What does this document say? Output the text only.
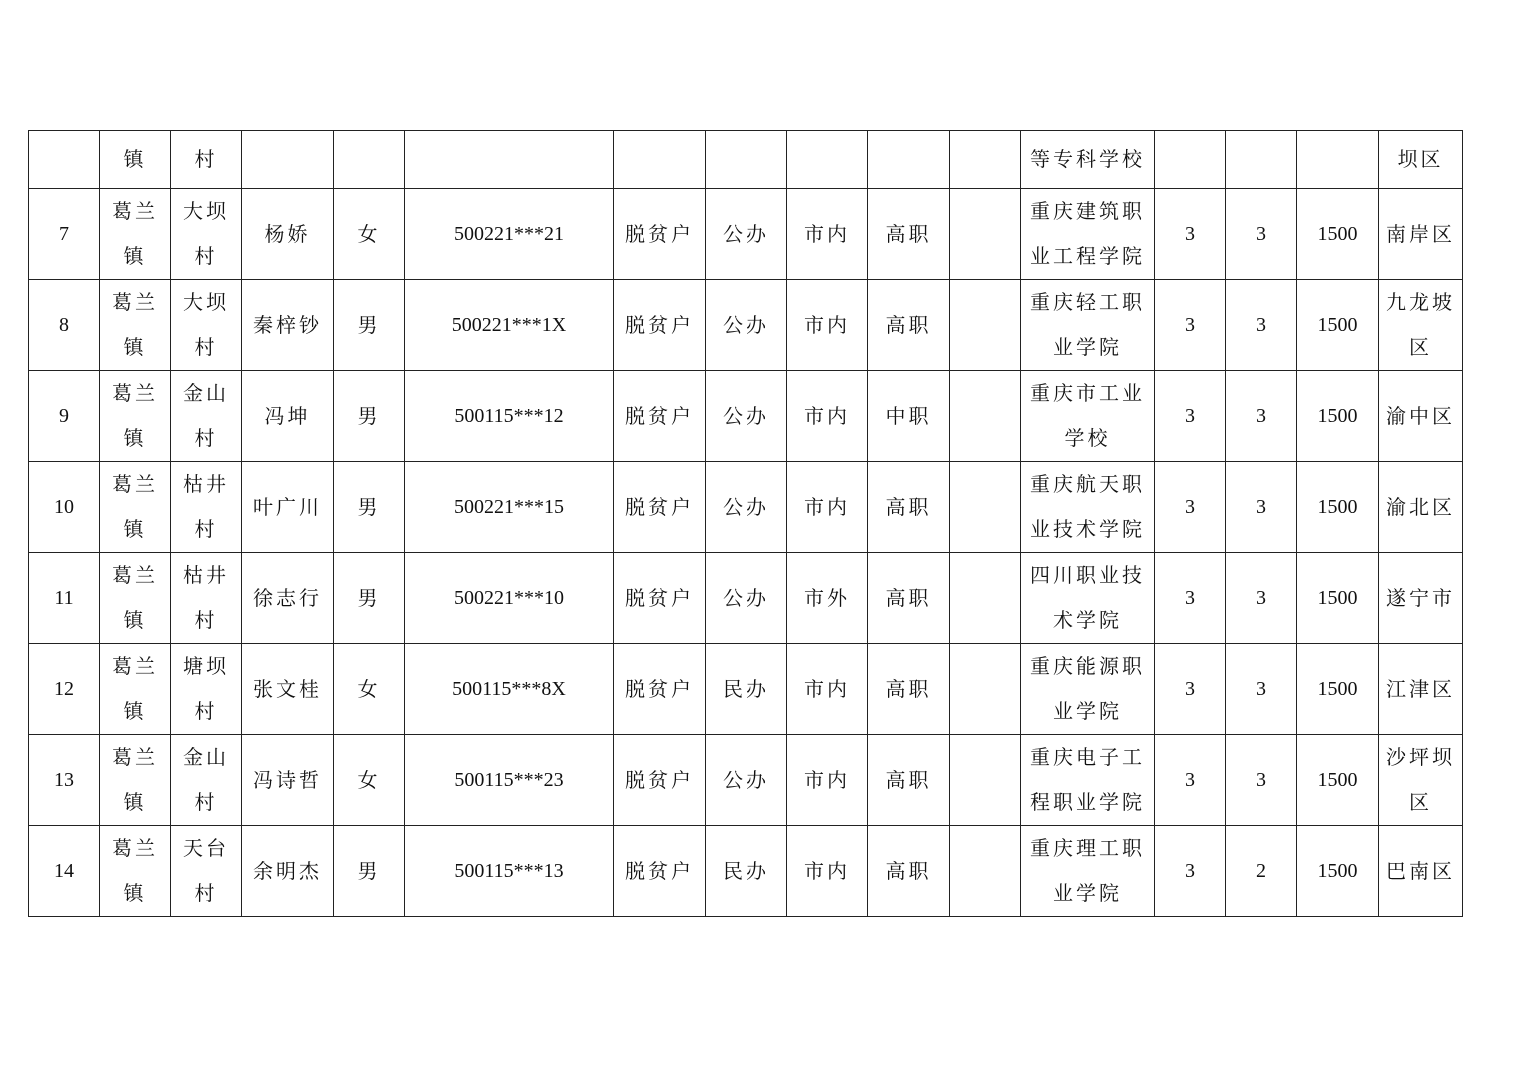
	镇	村									等专科学校				坝区
7	葛兰镇	大坝村	杨娇	女	500221***21	脱贫户	公办	市内	高职		重庆建筑职业工程学院	3	3	1500	南岸区

8	葛兰镇	大坝村	秦梓钞	男	500221***1X	脱贫户	公办	市内	高职		重庆轻工职业学院	3	3	1500	九龙坡区

9	葛兰镇	金山村	冯坤	男	500115***12	脱贫户	公办	市内	中职		重庆市工业学校	3	3	1500	渝中区

10	葛兰镇	枯井村	叶广川	男	500221***15	脱贫户	公办	市内	高职		重庆航天职业技术学院	3	3	1500	渝北区

11	葛兰镇	枯井村	徐志行	男	500221***10	脱贫户	公办	市外	高职		四川职业技术学院	3	3	1500	遂宁市

12	葛兰镇	塘坝村	张文桂	女	500115***8X	脱贫户	民办	市内	高职		重庆能源职业学院	3	3	1500	江津区

13	葛兰镇	金山村	冯诗哲	女	500115***23	脱贫户	公办	市内	高职		重庆电子工程职业学院	3	3	1500	沙坪坝区

14	葛兰镇	天台村	余明杰	男	500115***13	脱贫户	民办	市内	高职		重庆理工职业学院	3	2	1500	巴南区
